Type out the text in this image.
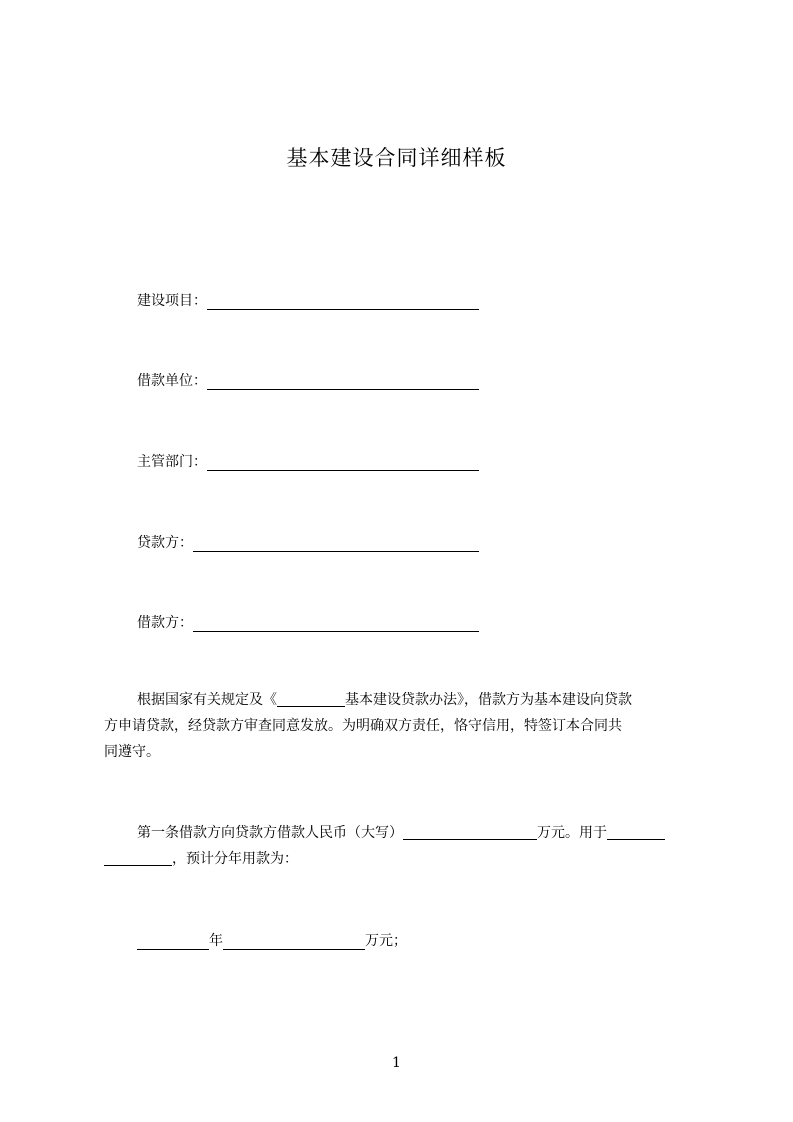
基本建设合同详细样板
建设项目：
借款单位：
主管部门：
贷款方：
借款方：
根据国家有关规定及《	基本建设贷款办法》，借款方为基本建设向贷款
方申请贷款，经贷款方审查同意发放。为明确双方责任，恪守信用，特签订本合同共
同遵守。
第一条借款方向贷款方借款人民币（大写）	万元。用于
，预计分年用款为：
年	万元；
1
